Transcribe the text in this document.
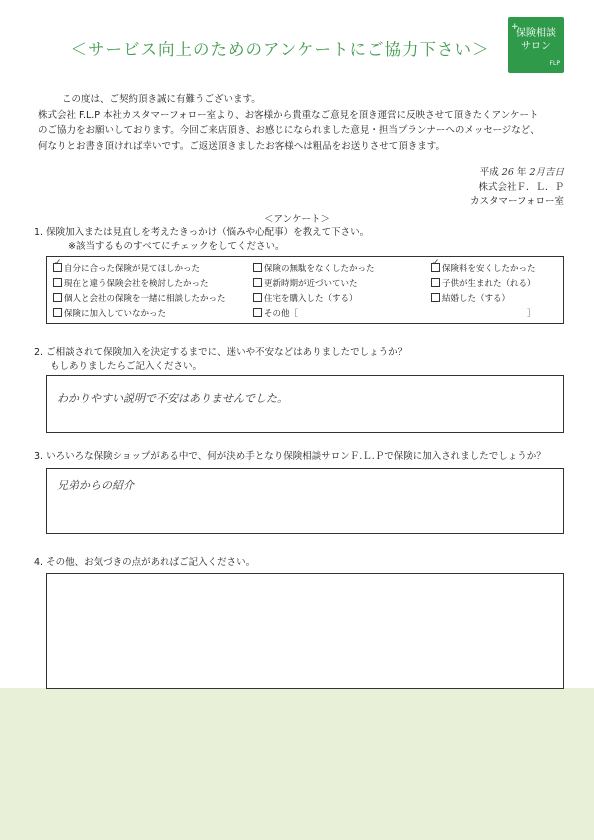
＜サービス向上のためのアンケートにご協力下さい＞
+
保険相談
サロン
FLP

この度は、ご契約頂き誠に有難うございます。

株式会社 F.L.P 本社カスタマーフォロー室より、お客様から貴重なご意見を頂き運営に反映させて頂きたくアンケート

のご協力をお願いしております。今回ご来店頂き、お感じになられました意見・担当プランナーへのメッセージなど、

何なりとお書き頂ければ幸いです。ご返送頂きましたお客様へは粗品をお送りさせて頂きます。

平成 26 年 2月吉日
株式会社Ｆ．Ｌ．Ｐ
カスタマーフォロー室
＜アンケート＞

1. 保険加入または見直しを考えたきっかけ（悩みや心配事）を教えて下さい。

※該当するものすべてにチェックをしてください。

✓自分に合った保険が見てほしかった	保険の無駄をなくしたかった
✓	保険料を安くしたかった
現在と違う保険会社を検討したかった	更新時期が近づいていた	子供が生まれた（れる）
個人と会社の保険を一緒に相談したかった	住宅を購入した（する）	結婚した（する）
保険に加入していなかった	その他［	］

2. ご相談されて保険加入を決定するまでに、迷いや不安などはありましたでしょうか？

もしありましたらご記入ください。

わかりやすい説明で不安はありませんでした。

3. いろいろな保険ショップがある中で、何が決め手となり保険相談サロンＦ.Ｌ.Ｐで保険に加入されましたでしょうか？

兄弟からの紹介

4. その他、お気づきの点があればご記入ください。
